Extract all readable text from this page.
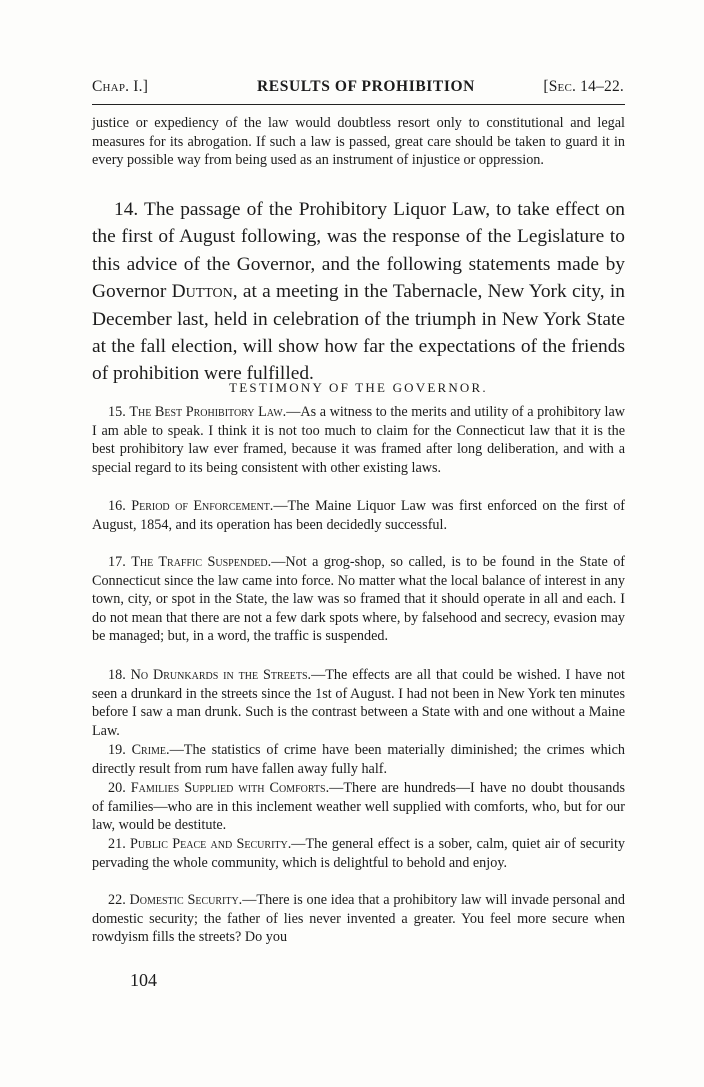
Chap. I.]	RESULTS OF PROHIBITION	[Sec. 14–22.

justice or expediency of the law would doubtless resort only to constitutional and legal measures for its abrogation. If such a law is passed, great care should be taken to guard it in every possible way from being used as an instrument of injustice or oppression.

14. The passage of the Prohibitory Liquor Law, to take effect on the first of August following, was the response of the Legislature to this advice of the Governor, and the following statements made by Governor Dutton, at a meeting in the Tabernacle, New York city, in December last, held in celebration of the triumph in New York State at the fall election, will show how far the expectations of the friends of prohibition were fulfilled.

TESTIMONY OF THE GOVERNOR.

15. The Best Prohibitory Law.—As a witness to the merits and utility of a prohibitory law I am able to speak. I think it is not too much to claim for the Connecticut law that it is the best prohibitory law ever framed, because it was framed after long deliberation, and with a special regard to its being consistent with other existing laws.

16. Period of Enforcement.—The Maine Liquor Law was first enforced on the first of August, 1854, and its operation has been decidedly successful.

17. The Traffic Suspended.—Not a grog-shop, so called, is to be found in the State of Connecticut since the law came into force. No matter what the local balance of interest in any town, city, or spot in the State, the law was so framed that it should operate in all and each. I do not mean that there are not a few dark spots where, by falsehood and secrecy, evasion may be managed; but, in a word, the traffic is suspended.

18. No Drunkards in the Streets.—The effects are all that could be wished. I have not seen a drunkard in the streets since the 1st of August. I had not been in New York ten minutes before I saw a man drunk. Such is the contrast between a State with and one without a Maine Law.

19. Crime.—The statistics of crime have been materially diminished; the crimes which directly result from rum have fallen away fully half.

20. Families Supplied with Comforts.—There are hundreds—I have no doubt thousands of families—who are in this inclement weather well supplied with comforts, who, but for our law, would be destitute.

21. Public Peace and Security.—The general effect is a sober, calm, quiet air of security pervading the whole community, which is delightful to behold and enjoy.

22. Domestic Security.—There is one idea that a prohibitory law will invade personal and domestic security; the father of lies never invented a greater. You feel more secure when rowdyism fills the streets? Do you

104
